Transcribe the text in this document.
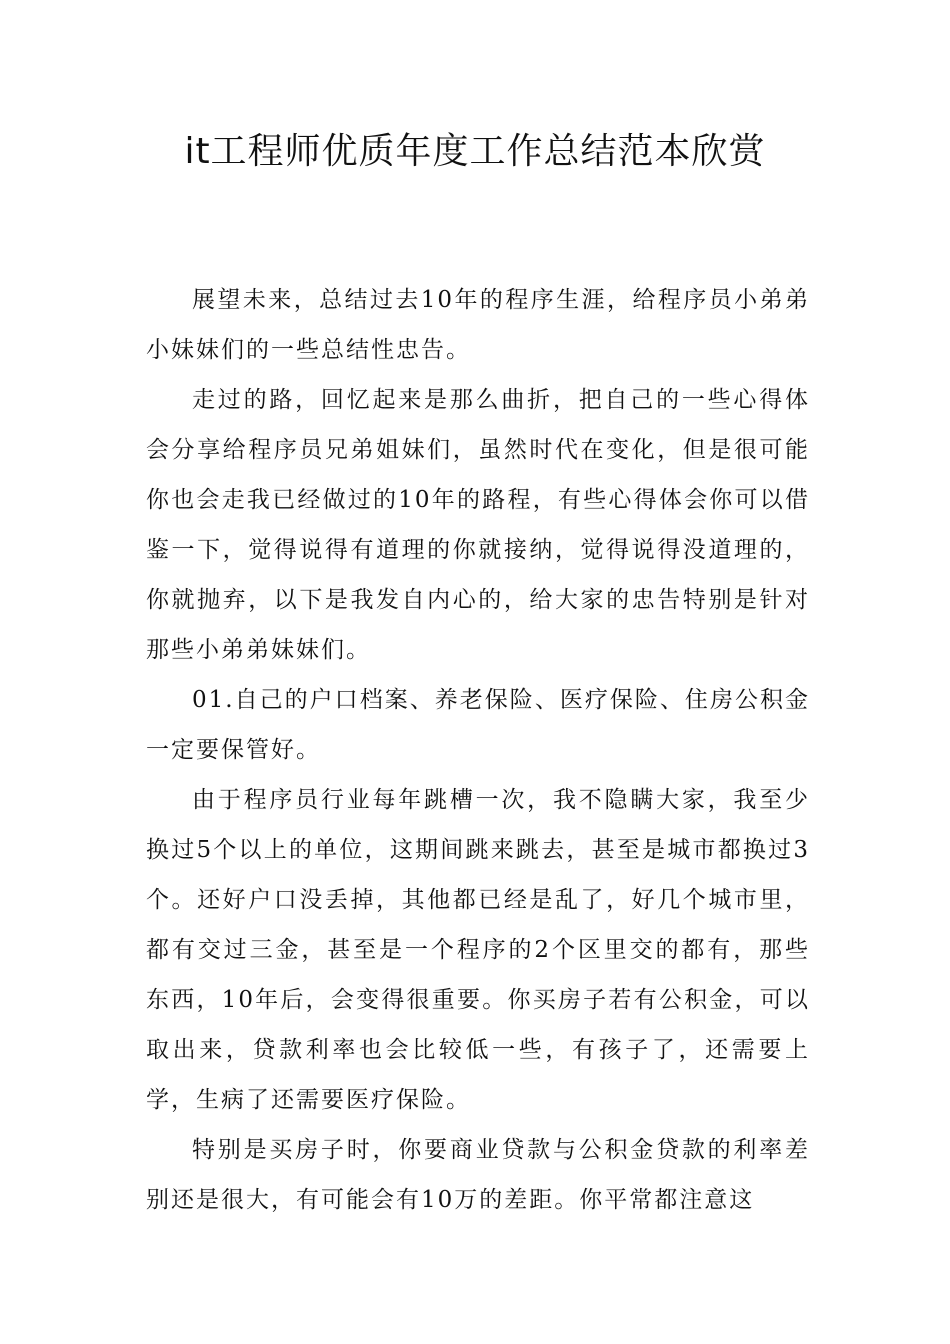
it工程师优质年度工作总结范本欣赏

展望未来，总结过去10年的程序生涯，给程序员小弟弟小妹妹们的一些总结性忠告。

走过的路，回忆起来是那么曲折，把自己的一些心得体会分享给程序员兄弟姐妹们，虽然时代在变化，但是很可能你也会走我已经做过的10年的路程，有些心得体会你可以借鉴一下，觉得说得有道理的你就接纳，觉得说得没道理的，你就抛弃，以下是我发自内心的，给大家的忠告特别是针对那些小弟弟妹妹们。

01.自己的户口档案、养老保险、医疗保险、住房公积金一定要保管好。

由于程序员行业每年跳槽一次，我不隐瞒大家，我至少换过5个以上的单位，这期间跳来跳去，甚至是城市都换过3个。还好户口没丢掉，其他都已经是乱了，好几个城市里，都有交过三金，甚至是一个程序的2个区里交的都有，那些东西，10年后，会变得很重要。你买房子若有公积金，可以取出来，贷款利率也会比较低一些，有孩子了，还需要上学，生病了还需要医疗保险。

特别是买房子时，你要商业贷款与公积金贷款的利率差别还是很大，有可能会有10万的差距。你平常都注意这
